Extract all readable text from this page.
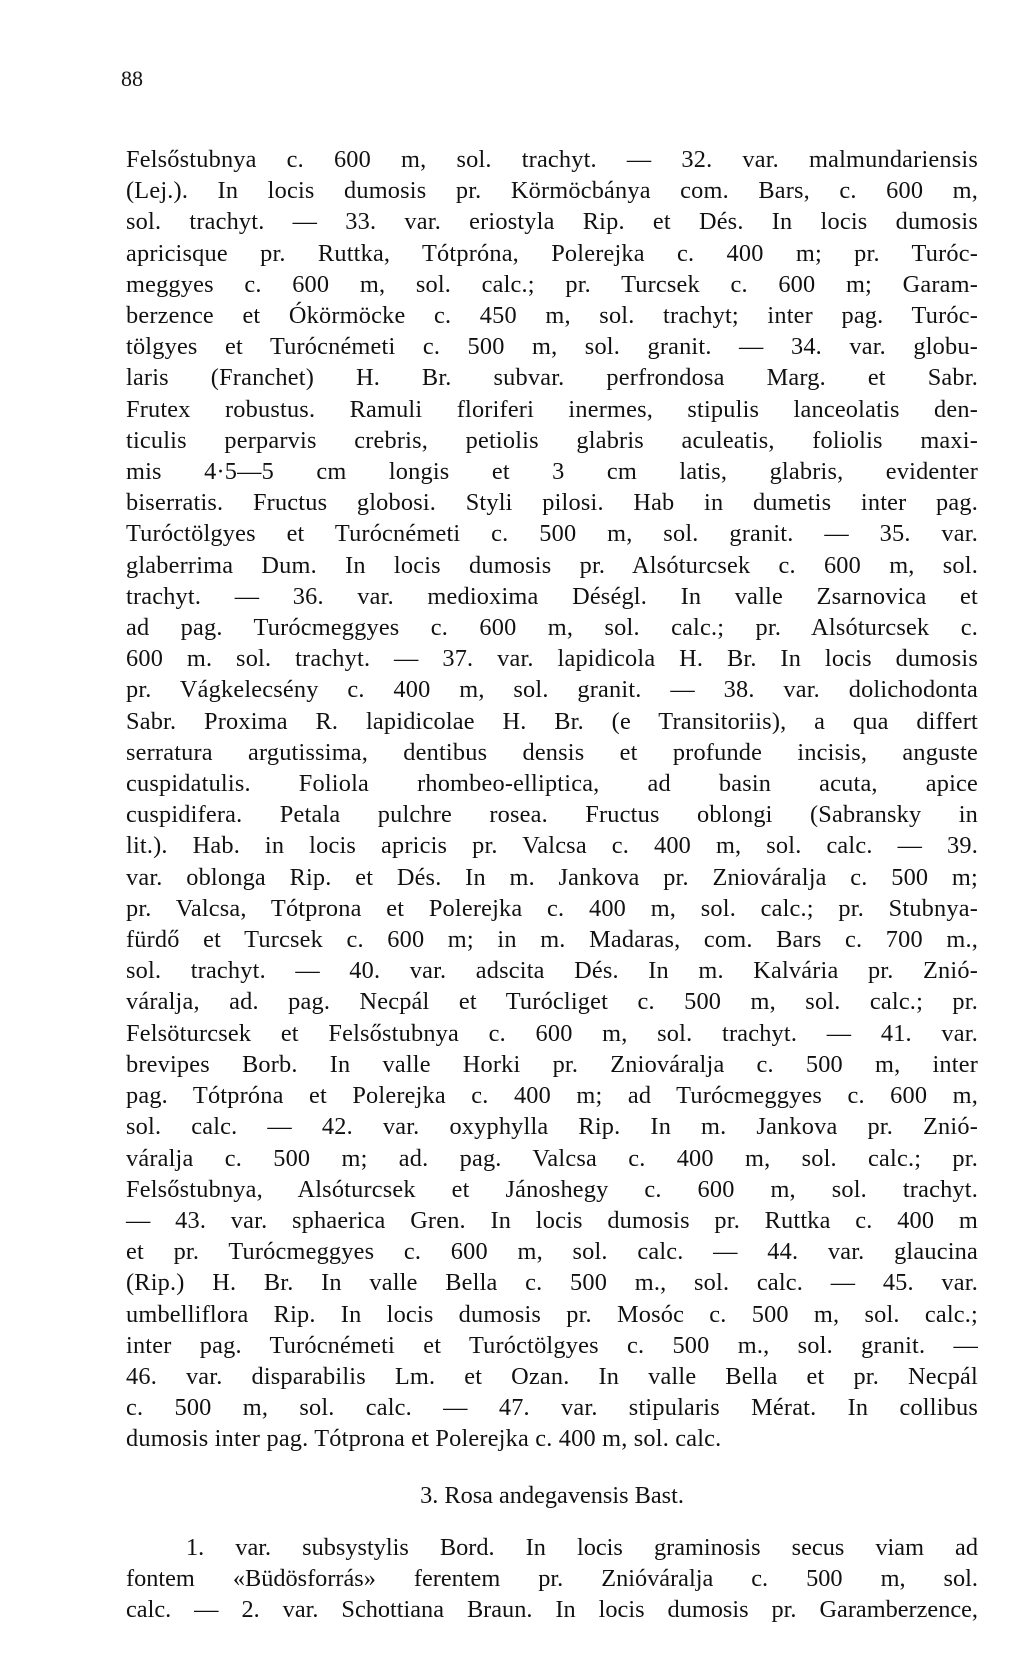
88
Felsőstubnya c. 600 m, sol. trachyt. — 32. var. malmundariensis
(Lej.). In locis dumosis pr. Körmöcbánya com. Bars, c. 600 m,
sol. trachyt. — 33. var. eriostyla Rip. et Dés. In locis dumosis
apricisque pr. Ruttka, Tótpróna, Polerejka c. 400 m; pr. Turóc-
meggyes c. 600 m, sol. calc.; pr. Turcsek c. 600 m; Garam-
berzence et Ókörmöcke c. 450 m, sol. trachyt; inter pag. Turóc-
tölgyes et Turócnémeti c. 500 m, sol. granit. — 34. var. globu-
laris (Franchet) H. Br. subvar. perfrondosa Marg. et Sabr.
Frutex robustus. Ramuli floriferi inermes, stipulis lanceolatis den-
ticulis perparvis crebris, petiolis glabris aculeatis, foliolis maxi-
mis 4·5—5 cm longis et 3 cm latis, glabris, evidenter
biserratis. Fructus globosi. Styli pilosi. Hab in dumetis inter pag.
Turóctölgyes et Turócnémeti c. 500 m, sol. granit. — 35. var.
glaberrima Dum. In locis dumosis pr. Alsóturcsek c. 600 m, sol.
trachyt. — 36. var. medioxima Déségl. In valle Zsarnovica et
ad pag. Turócmeggyes c. 600 m, sol. calc.; pr. Alsóturcsek c.
600 m. sol. trachyt. — 37. var. lapidicola H. Br. In locis dumosis
pr. Vágkelecsény c. 400 m, sol. granit. — 38. var. dolichodonta
Sabr. Proxima R. lapidicolae H. Br. (e Transitoriis), a qua differt
serratura argutissima, dentibus densis et profunde incisis, anguste
cuspidatulis. Foliola rhombeo-elliptica, ad basin acuta, apice
cuspidifera. Petala pulchre rosea. Fructus oblongi (Sabransky in
lit.). Hab. in locis apricis pr. Valcsa c. 400 m, sol. calc. — 39.
var. oblonga Rip. et Dés. In m. Jankova pr. Zniováralja c. 500 m;
pr. Valcsa, Tótprona et Polerejka c. 400 m, sol. calc.; pr. Stubnya-
fürdő et Turcsek c. 600 m; in m. Madaras, com. Bars c. 700 m.,
sol. trachyt. — 40. var. adscita Dés. In m. Kalvária pr. Znió-
váralja, ad. pag. Necpál et Turócliget c. 500 m, sol. calc.; pr.
Felsöturcsek et Felsőstubnya c. 600 m, sol. trachyt. — 41. var.
brevipes Borb. In valle Horki pr. Zniováralja c. 500 m, inter
pag. Tótpróna et Polerejka c. 400 m; ad Turócmeggyes c. 600 m,
sol. calc. — 42. var. oxyphylla Rip. In m. Jankova pr. Znió-
váralja c. 500 m; ad. pag. Valcsa c. 400 m, sol. calc.; pr.
Felsőstubnya, Alsóturcsek et Jánoshegy c. 600 m, sol. trachyt.
— 43. var. sphaerica Gren. In locis dumosis pr. Ruttka c. 400 m
et pr. Turócmeggyes c. 600 m, sol. calc. — 44. var. glaucina
(Rip.) H. Br. In valle Bella c. 500 m., sol. calc. — 45. var.
umbelliflora Rip. In locis dumosis pr. Mosóc c. 500 m, sol. calc.;
inter pag. Turócnémeti et Turóctölgyes c. 500 m., sol. granit. —
46. var. disparabilis Lm. et Ozan. In valle Bella et pr. Necpál
c. 500 m, sol. calc. — 47. var. stipularis Mérat. In collibus
dumosis inter pag. Tótprona et Polerejka c. 400 m, sol. calc.
3. Rosa andegavensis Bast.
1. var. subsystylis Bord. In locis graminosis secus viam ad
fontem «Büdösforrás» ferentem pr. Znióváralja c. 500 m, sol.
calc. — 2. var. Schottiana Braun. In locis dumosis pr. Garamberzence,
